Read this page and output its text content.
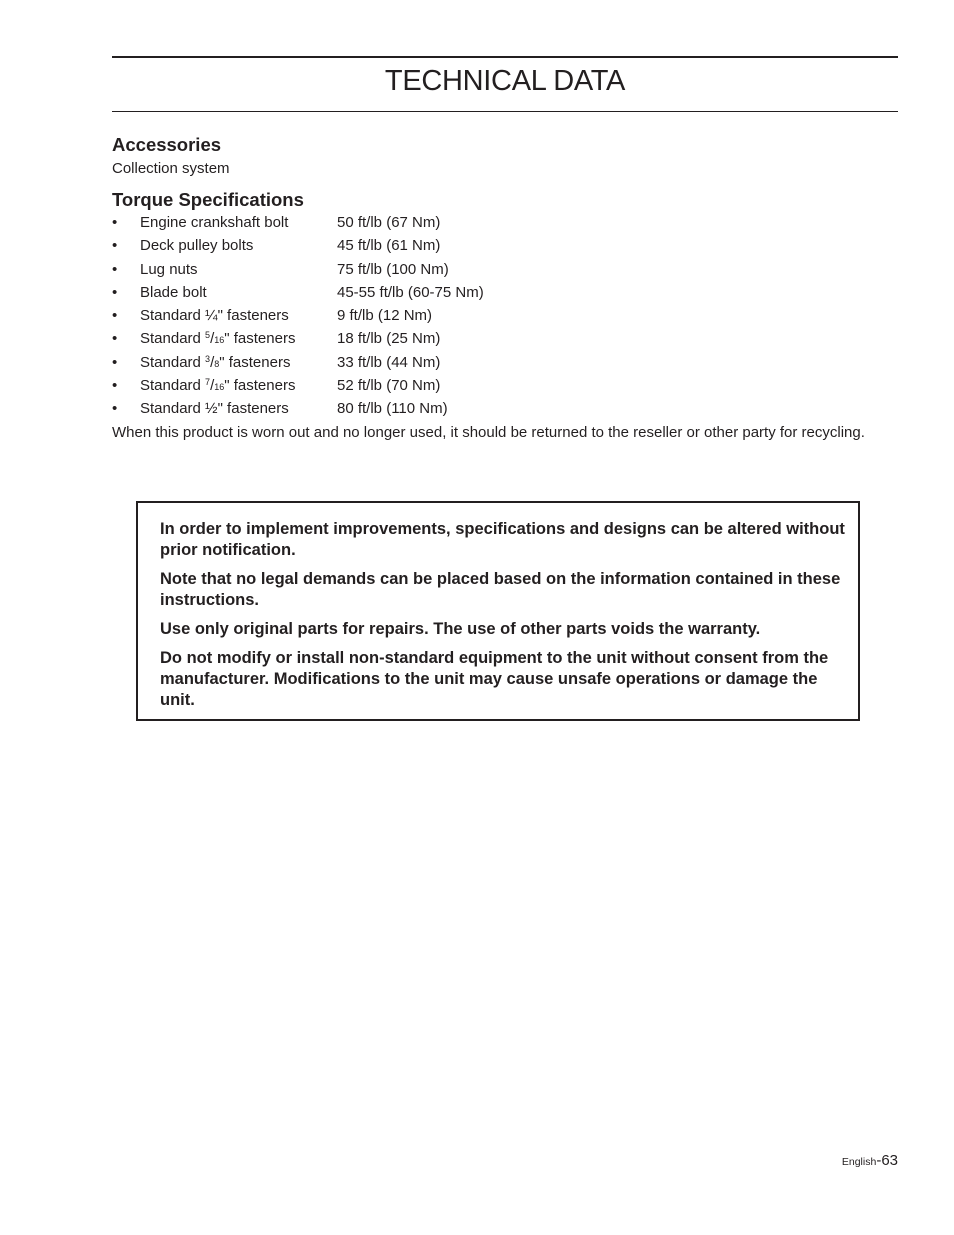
TECHNICAL DATA
Accessories

Collection system

Torque Specifications
• Engine crankshaft bolt	50 ft/lb (67 Nm)
• Deck pulley bolts	45 ft/lb (61 Nm)
• Lug nuts	75 ft/lb (100 Nm)
• Blade bolt	45-55 ft/lb (60-75 Nm)
• Standard ¼" fasteners	9 ft/lb (12 Nm)
• Standard $^5$/16" fasteners	18 ft/lb (25 Nm)
• Standard $^3$/8" fasteners	33 ft/lb (44 Nm)
• Standard $^7$/16" fasteners	52 ft/lb (70 Nm)
• Standard ½" fasteners	80 ft/lb (110 Nm)

When this product is worn out and no longer used, it should be returned to the reseller or other party for recycling.

In order to implement improvements, specifications and designs can be altered without prior notification.

Note that no legal demands can be placed based on the information contained in these instructions.

Use only original parts for repairs. The use of other parts voids the warranty.

Do not modify or install non-standard equipment to the unit without consent from the manufacturer. Modifications to the unit may cause unsafe operations or damage the unit.

English-63
